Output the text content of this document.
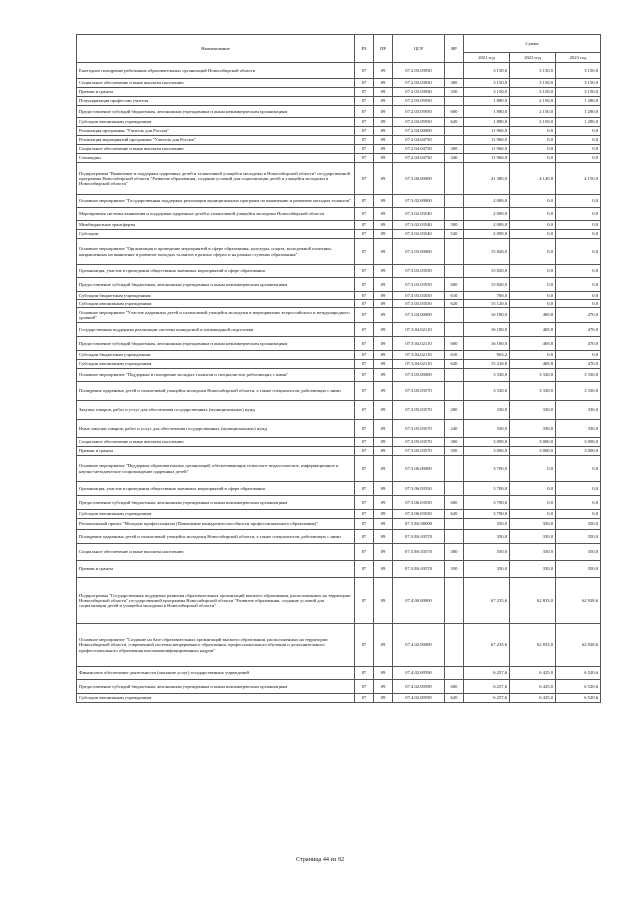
Наименование	РЗ	ПР	ЦСР	ВР	Сумма		
					2021 год	2022 год	2023 год
Ежегодное поощрение работников образовательных организаций Новосибирской области	07	09	07.2.03.03930		3 150,0	3 150,0	3 150,0
Социальное обеспечение и иные выплаты населению	07	09	07.2.03.03930	300	3 150,0	3 150,0	3 150,0
Премии и гранты	07	09	07.2.03.03930	350	3 150,0	3 150,0	3 150,0
Популяризация профессии учителя	07	09	07.2.03.05930		1 880,0	2 150,0	1 280,0
Предоставление субсидий бюджетным, автономным учреждениям и иным некоммерческим организациям	07	09	07.2.03.05930	600	1 880,0	2 150,0	1 280,0
Субсидии автономным учреждениям	07	09	07.2.03.05930	620	1 880,0	2 150,0	1 280,0
Реализация программы "Учитель для России"	07	09	07.2.04.00000		11 960,0	0,0	0,0
Реализация мероприятий программы "Учитель для России"	07	09	07.2.04.04750		11 960,0	0,0	0,0
Социальное обеспечение и иные выплаты населению	07	09	07.2.04.04750	300	11 960,0	0,0	0,0
Стипендии	07	09	07.2.04.04750	340	11 960,0	0,0	0,0
Подпрограмма "Выявление и поддержка одаренных детей и талантливой учащейся молодежи в Новосибирской области" государственной программы Новосибирской области "Развитие образования, создание условий для социализации детей и учащейся молодежи в Новосибирской области"	07	09	07.3.00.00000		41 380,0	4 149,8	4 150,0
Основное мероприятие "Государственная поддержка реализации муниципальных программ по выявлению и развитию молодых талантов"	07	09	07.3.02.00000		2 000,0	0,0	0,0
Мероприятия системы выявления и поддержки одаренных детей и талантливой учащейся молодежи Новосибирской области	07	09	07.3.02.03540		2 000,0	0,0	0,0
Межбюджетные трансферты	07	09	07.3.02.03540	500	2 000,0	0,0	0,0
Субсидии	07	09	07.3.02.03540	520	2 000,0	0,0	0,0
Основное мероприятие "Организация и проведение мероприятий в сфере образования, культуры, спорта, молодежной политики, направленных на выявление и развитие молодых талантов в разных сферах и на разных ступенях образования"	07	09	07.3.03.00000		15 820,0	0,0	0,0
Организация, участие в проведении общественно значимых мероприятий в сфере образования	07	09	07.3.03.03550		15 820,0	0,0	0,0
Предоставление субсидий бюджетным, автономным учреждениям и иным некоммерческим организациям	07	09	07.3.03.03550	600	15 820,0	0,0	0,0
Субсидии бюджетным учреждениям	07	09	07.3.03.03550	610	700,0	0,0	0,0
Субсидии автономным учреждениям	07	09	07.3.03.03550	620	15 120,0	0,0	0,0
Основное мероприятие "Участие одаренных детей и талантливой учащейся молодежи в мероприятиях всероссийского и международного уровней"	07	09	07.3.04.00000		16 180,0	469,8	470,0
Государственная поддержка реализации системы конкурсной и олимпиадной подготовки	07	09	07.3.04.02110		16 180,0	469,8	470,0
Предоставление субсидий бюджетным, автономным учреждениям и иным некоммерческим организациям	07	09	07.3.04.02110	600	16 180,0	469,8	470,0
Субсидии бюджетным учреждениям	07	09	07.3.04.02110	610	963,2	0,0	0,0
Субсидии автономным учреждениям	07	09	07.3.04.02110	620	15 216,8	469,8	470,0
Основное мероприятие "Поддержка и поощрение молодых талантов и специалистов, работающих с ними"	07	09	07.3.05.00000		3 330,0	3 330,0	3 330,0
Поощрение одаренных детей и талантливой учащейся молодежи Новосибирской области, а также специалистов, работающих с ними	07	09	07.3.05.03570		3 330,0	3 330,0	3 330,0
Закупка товаров, работ и услуг для обеспечения государственных (муниципальных) нужд	07	09	07.3.05.03570	200	330,0	330,0	330,0
Иные закупки товаров, работ и услуг для обеспечения государственных (муниципальных) нужд	07	09	07.3.05.03570	240	330,0	330,0	330,0
Социальное обеспечение и иные выплаты населению	07	09	07.3.05.03570	300	3 000,0	3 000,0	3 000,0
Премии и гранты	07	09	07.3.05.03570	350	3 000,0	3 000,0	3 000,0
Основное мероприятие "Поддержка образовательных организаций, обеспечивающих психолого-педагогическое, информационное и научно-методическое сопровождение одаренных детей"	07	09	07.3.06.00000		3 700,0	0,0	0,0
Организация, участие в проведении общественно значимых мероприятий в сфере образования	07	09	07.3.06.03550		3 700,0	0,0	0,0
Предоставление субсидий бюджетным, автономным учреждениям и иным некоммерческим организациям	07	09	07.3.06.03550	600	3 700,0	0,0	0,0
Субсидии автономным учреждениям	07	09	07.3.06.03550	620	3 700,0	0,0	0,0
Региональный проект "Молодые профессионалы (Повышение конкурентоспособности профессионального образования)"	07	09	07.3.E6.00000		350,0	350,0	350,0
Поощрение одаренных детей и талантливой учащейся молодежи Новосибирской области, а также специалистов, работающих с ними	07	09	07.3.E6.03570		350,0	350,0	350,0
Социальное обеспечение и иные выплаты населению	07	09	07.3.E6.03570	300	350,0	350,0	350,0
Премии и гранты	07	09	07.3.E6.03570	350	350,0	350,0	350,0
Подпрограмма "Государственная поддержка развития образовательных организаций высшего образования, расположенных на территории Новосибирской области" государственной программы Новосибирской области "Развитие образования, создание условий для социализации детей и учащейся молодежи в Новосибирской области"	07	09	07.4.00.00000		67 235,6	62 833,0	62 928,6
Основное мероприятие "Создание на базе образовательных организаций высшего образования, расположенных на территории Новосибирской области, современной системы непрерывного образования, профессионального обучения и дополнительного профессионального образования высококвалифицированных кадров"	07	09	07.4.02.00000		67 235,6	62 833,0	62 928,6
Финансовое обеспечение деятельности (оказание услуг) государственных учреждений	07	09	07.4.02.00590		6 257,6	6 425,0	6 520,6
Предоставление субсидий бюджетным, автономным учреждениям и иным некоммерческим организациям	07	09	07.4.02.00590	600	6 257,6	6 425,0	6 520,6
Субсидии автономным учреждениям	07	09	07.4.02.00590	620	6 257,6	6 425,0	6 520,6
Страница 44 из 92
